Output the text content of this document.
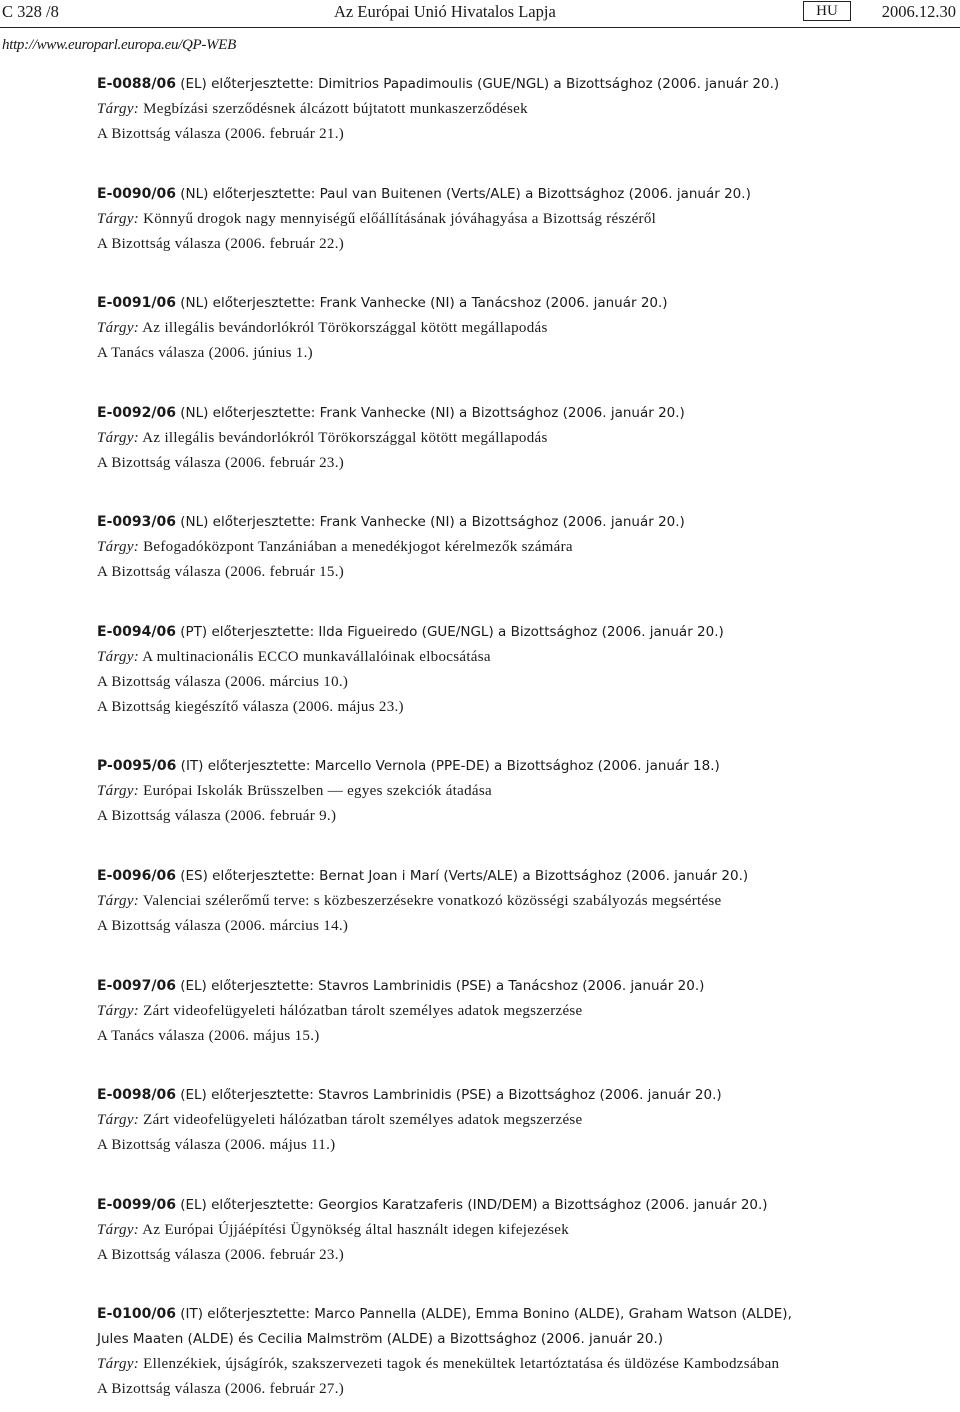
C 328 /8	Az Európai Unió Hivatalos Lapja	HU	2006.12.30
http://www.europarl.europa.eu/QP-WEB
E-0088/06 (EL) előterjesztette: Dimitrios Papadimoulis (GUE/NGL) a Bizottsághoz (2006. január 20.)
Tárgy: Megbízási szerződésnek álcázott bújtatott munkaszerződések
A Bizottság válasza (2006. február 21.)
E-0090/06 (NL) előterjesztette: Paul van Buitenen (Verts/ALE) a Bizottsághoz (2006. január 20.)
Tárgy: Könnyű drogok nagy mennyiségű előállításának jóváhagyása a Bizottság részéről
A Bizottság válasza (2006. február 22.)
E-0091/06 (NL) előterjesztette: Frank Vanhecke (NI) a Tanácshoz (2006. január 20.)
Tárgy: Az illegális bevándorlókról Törökországgal kötött megállapodás
A Tanács válasza (2006. június 1.)
E-0092/06 (NL) előterjesztette: Frank Vanhecke (NI) a Bizottsághoz (2006. január 20.)
Tárgy: Az illegális bevándorlókról Törökországgal kötött megállapodás
A Bizottság válasza (2006. február 23.)
E-0093/06 (NL) előterjesztette: Frank Vanhecke (NI) a Bizottsághoz (2006. január 20.)
Tárgy: Befogadóközpont Tanzániában a menedékjogot kérelmezők számára
A Bizottság válasza (2006. február 15.)
E-0094/06 (PT) előterjesztette: Ilda Figueiredo (GUE/NGL) a Bizottsághoz (2006. január 20.)
Tárgy: A multinacionális ECCO munkavállalóinak elbocsátása
A Bizottság válasza (2006. március 10.)
A Bizottság kiegészítő válasza (2006. május 23.)
P-0095/06 (IT) előterjesztette: Marcello Vernola (PPE-DE) a Bizottsághoz (2006. január 18.)
Tárgy: Európai Iskolák Brüsszelben — egyes szekciók átadása
A Bizottság válasza (2006. február 9.)
E-0096/06 (ES) előterjesztette: Bernat Joan i Marí (Verts/ALE) a Bizottsághoz (2006. január 20.)
Tárgy: Valenciai szélerőmű terve: s közbeszerzésekre vonatkozó közösségi szabályozás megsértése
A Bizottság válasza (2006. március 14.)
E-0097/06 (EL) előterjesztette: Stavros Lambrinidis (PSE) a Tanácshoz (2006. január 20.)
Tárgy: Zárt videofelügyeleti hálózatban tárolt személyes adatok megszerzése
A Tanács válasza (2006. május 15.)
E-0098/06 (EL) előterjesztette: Stavros Lambrinidis (PSE) a Bizottsághoz (2006. január 20.)
Tárgy: Zárt videofelügyeleti hálózatban tárolt személyes adatok megszerzése
A Bizottság válasza (2006. május 11.)
E-0099/06 (EL) előterjesztette: Georgios Karatzaferis (IND/DEM) a Bizottsághoz (2006. január 20.)
Tárgy: Az Európai Újjáépítési Ügynökség által használt idegen kifejezések
A Bizottság válasza (2006. február 23.)
E-0100/06 (IT) előterjesztette: Marco Pannella (ALDE), Emma Bonino (ALDE), Graham Watson (ALDE),
Jules Maaten (ALDE) és Cecilia Malmström (ALDE) a Bizottsághoz (2006. január 20.)
Tárgy: Ellenzékiek, újságírók, szakszervezeti tagok és menekültek letartóztatása és üldözése Kambodzsában
A Bizottság válasza (2006. február 27.)
